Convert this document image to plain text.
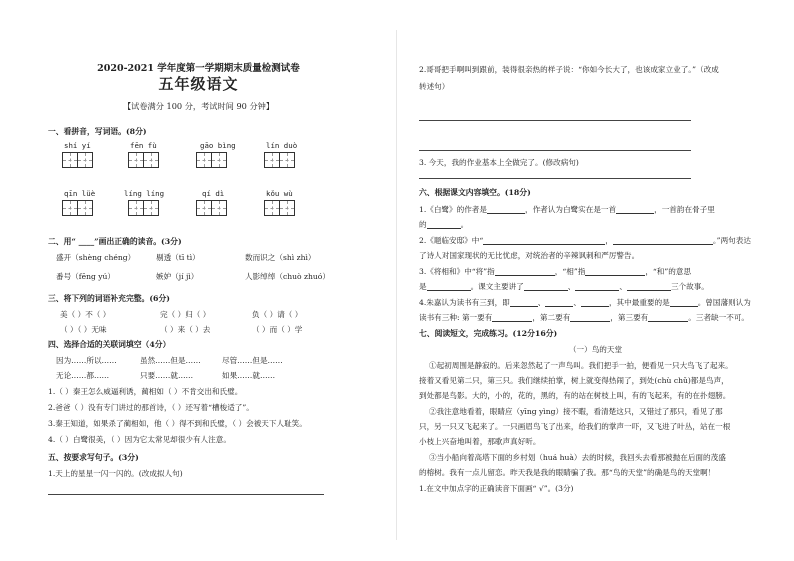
2020-2021 学年度第一学期期末质量检测试卷
五年级语文
【试卷满分 100 分，考试时间 90 分钟】
一、看拼音，写词语。(8分)
shí yí	fēn fù	gāo bìng	lín duò
qīn lüè	líng líng	qí dì	kǒu wù
二、用“ ____”画出正确的读音。(3分)
盛开（shèng chéng）	剔透（tī tì）	数而识之（shì zhì）
番号（fēng yú）	嫉妒（jí jì）	人影绰绰（chuò zhuó）
三、将下列的词语补充完整。(6分)
美（ ）不（ ）	完（ ）归（ ）	负（ ）请（ ）
（ ）（ ）无味	（ ）来（ ）去	（ ）而（ ）学
四、选择合适的关联词填空（4分）
因为……所以……	虽然……但是……	尽管……但是……
无论……都……	只要……就……	如果……就……
1.（ ）秦王怎么威逼利诱，蔺相如（ ）不肯交出和氏璧。
2.爸爸（ ）没有专门讲过的那首诗，（ ）还写着“槽梭适了”。
3.秦王知道，如果杀了蔺相如，他（ ）得不到和氏璧，（ ）会被天下人耻笑。
4.（ ）白鹭很美，（ ）因为它太常见却很少有人注意。
五、按要求写句子。(3分)
1.天上的星星一闪一闪的。(改成拟人句)
2.哥哥把手啊叫到跟前，装得很亲热的样子说：“你如今长大了，也该成家立业了。”（改成
转述句）
3. 今天，我的作业基本上全做完了。(修改病句)
六、根据课文内容填空。(18分)
1.《白鹭》的作者是	，作者认为白鹭实在是一首	，一首韵在骨子里
的	。
2.《题临安邸》中“	，	。”两句表达
了诗人对国家现状的无比忧虑，对统治者的辛辣讽刺和严厉警告。
3.《将相和》中“将”指	，“相”指	，“和”的意思
是	。课文主要讲了	、	、	三个故事。
4.朱嘉认为读书有三到，即	、	、	，其中最重要的是	。曾国藩则认为
读书有三种: 第一要有	，第二要有	，第三要有	。三者缺一不可。
七、阅读短文，完成练习。(12分16分)
（一）鸟的天堂
①起初周围是静寂的。后来忽然起了一声鸟叫。我们把手一拍，便看见一只大鸟飞了起来。
接着又看见第二只，第三只。我们继续拍掌，树上就变得热闹了，到处(chù chǔ)都是鸟声，
到处都是鸟影。大的，小的，花的，黑的，有的站在树枝上叫，有的飞起来，有的在扑翅膀。
②我注意地看着，眼睛应（yīng yìng）接不暇，看清楚这只，又错过了那只，看见了那
只，另一只又飞起来了。一只画眉鸟飞了出来，给我们的掌声一吓，又飞进了叶丛，站在一根
小枝上兴奋地叫着，那歌声真好听。
③当小船向着高塔下面的乡村划（huá huà）去的时候，我回头去看那被抛在后面的茂盛
的榕树。我有一点儿留恋。昨天我是我的眼睛骗了我。那“鸟的天堂”的确是鸟的天堂啊！
1.在文中加点字的正确读音下面画“ √”。(3分)
